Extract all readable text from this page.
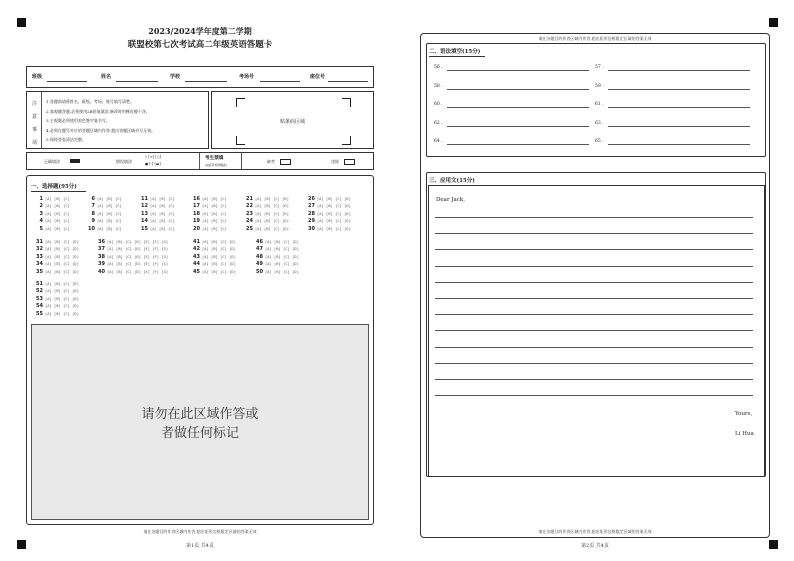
2023/2024学年度第二学期
联盟校第七次考试高二年级英语答题卡
班级	姓名	学校	考场号	座位号
注
意
事
项
1.答题前请将姓名、班级、考场、座号填写清楚。
2.客观题答题,必须使用2B铅笔填涂,修改时用橡皮擦干净。
3.主观题必须使用黑色签字笔书写。
4.必须在题号对应的答题区域内作答,超出答题区域书写无效。
5.保持答卷清洁完整。
贴条码区域
正确填涂	错误填涂
√ [×] [○]
● [-] [▬]
考生禁填
(由监考老师填涂)
缺考	违规
一、选择题(95分)
1 [A] [B] [C]
2 [A] [B] [C]
3 [A] [B] [C]
4 [A] [B] [C]
5 [A] [B] [C]
6 [A] [B] [C]
7 [A] [B] [C]
8 [A] [B] [C]
9 [A] [B] [C]
10 [A] [B] [C]
11 [A] [B] [C]
12 [A] [B] [C]
13 [A] [B] [C]
14 [A] [B] [C]
15 [A] [B] [C]
16 [A] [B] [C]
17 [A] [B] [C]
18 [A] [B] [C]
19 [A] [B] [C]
20 [A] [B] [C]
21 [A] [B] [C] [D]
22 [A] [B] [C] [D]
23 [A] [B] [C] [D]
24 [A] [B] [C] [D]
25 [A] [B] [C] [D]
26 [A] [B] [C] [D]
27 [A] [B] [C] [D]
28 [A] [B] [C] [D]
29 [A] [B] [C] [D]
30 [A] [B] [C] [D]
31 [A] [B] [C] [D]
32 [A] [B] [C] [D]
33 [A] [B] [C] [D]
34 [A] [B] [C] [D]
35 [A] [B] [C] [D]
36 [A] [B] [C] [D] [E] [F] [G]
37 [A] [B] [C] [D] [E] [F] [G]
38 [A] [B] [C] [D] [E] [F] [G]
39 [A] [B] [C] [D] [E] [F] [G]
40 [A] [B] [C] [D] [E] [F] [G]
41 [A] [B] [C] [D]
42 [A] [B] [C] [D]
43 [A] [B] [C] [D]
44 [A] [B] [C] [D]
45 [A] [B] [C] [D]
46 [A] [B] [C] [D]
47 [A] [B] [C] [D]
48 [A] [B] [C] [D]
49 [A] [B] [C] [D]
50 [A] [B] [C] [D]
51 [A] [B] [C] [D]
52 [A] [B] [C] [D]
53 [A] [B] [C] [D]
54 [A] [B] [C] [D]
55 [A] [B] [C] [D]
请勿在此区域作答或
者做任何标记
请在各题目的作答区域内作答,超出矩形边框限定区域的答案无效
第1页 共4页
请在各题目的作答区域内作答,超出矩形边框限定区域的答案无效
二、语法填空(15分)
56 .	57 .
58 .	59 .
60 .	61 .
62 .	63 .
64 .	65 .
三、应用文(15分)
Dear Jack,
Yours,
Li Hua
请在各题目的作答区域内作答,超出矩形边框限定区域的答案无效
第2页 共4页
